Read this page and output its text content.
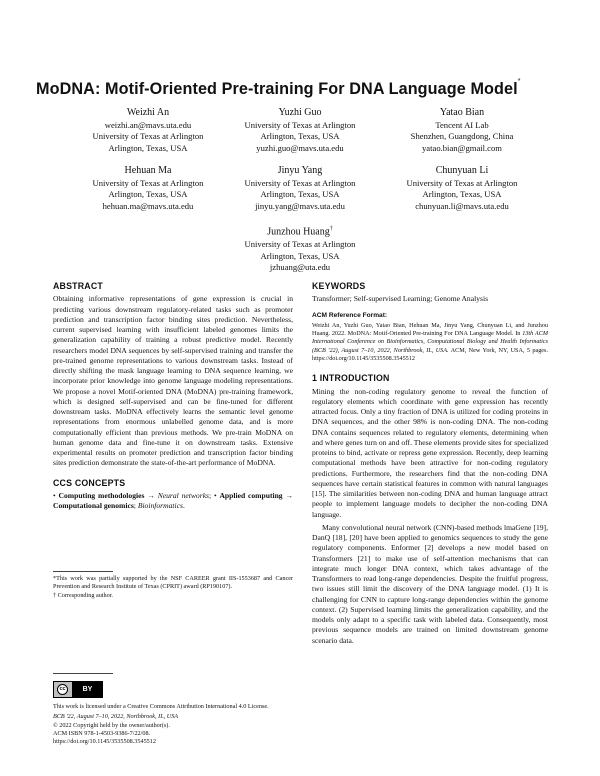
MoDNA: Motif-Oriented Pre-training For DNA Language Model*
Weizhi An
weizhi.an@mavs.uta.edu
University of Texas at Arlington
Arlington, Texas, USA
Yuzhi Guo
University of Texas at Arlington
Arlington, Texas, USA
yuzhi.guo@mavs.uta.edu
Yatao Bian
Tencent AI Lab
Shenzhen, Guangdong, China
yatao.bian@gmail.com
Hehuan Ma
University of Texas at Arlington
Arlington, Texas, USA
hehuan.ma@mavs.uta.edu
Jinyu Yang
University of Texas at Arlington
Arlington, Texas, USA
jinyu.yang@mavs.uta.edu
Chunyuan Li
University of Texas at Arlington
Arlington, Texas, USA
chunyuan.li@mavs.uta.edu
Junzhou Huang†
University of Texas at Arlington
Arlington, Texas, USA
jzhuang@uta.edu
ABSTRACT

Obtaining informative representations of gene expression is crucial in predicting various downstream regulatory-related tasks such as promoter prediction and transcription factor binding sites prediction. Nevertheless, current supervised learning with insufficient labeled genomes limits the generalization capability of training a robust predictive model. Recently researchers model DNA sequences by self-supervised training and transfer the pre-trained genome representations to various downstream tasks. Instead of directly shifting the mask language learning to DNA sequence learning, we incorporate prior knowledge into genome language modeling representations. We propose a novel Motif-oriented DNA (MoDNA) pre-training framework, which is designed self-supervised and can be fine-tuned for different downstream tasks. MoDNA effectively learns the semantic level genome representations from enormous unlabelled genome data, and is more computationally efficient than previous methods. We pre-train MoDNA on human genome data and fine-tune it on downstream tasks. Extensive experimental results on promoter prediction and transcription factor binding sites prediction demonstrate the state-of-the-art performance of MoDNA.

CCS CONCEPTS

• Computing methodologies → Neural networks; • Applied computing → Computational genomics; Bioinformatics.

*This work was partially supported by the NSF CAREER grant IIS-1553687 and Cancer Prevention and Research Institute of Texas (CPRIT) award (RP190107).

† Corresponding author.

cc	BY

This work is licensed under a Creative Commons Attribution International 4.0 License.

BCB '22, August 7–10, 2022, Northbrook, IL, USA

© 2022 Copyright held by the owner/author(s).

ACM ISBN 978-1-4503-9386-7/22/08.

https://doi.org/10.1145/3535508.3545512

KEYWORDS

Transformer; Self-supervised Learning; Genome Analysis

ACM Reference Format:

Weizhi An, Yuzhi Guo, Yatao Bian, Hehuan Ma, Jinyu Yang, Chunyuan Li, and Junzhou Huang. 2022. MoDNA: Motif-Oriented Pre-training For DNA Language Model. In 13th ACM International Conference on Bioinformatics, Computational Biology and Health Informatics (BCB '22), August 7–10, 2022, Northbrook, IL, USA. ACM, New York, NY, USA, 5 pages. https://doi.org/10.1145/3535508.3545512

1 INTRODUCTION

Mining the non-coding regulatory genome to reveal the function of regulatory elements which coordinate with gene expression has recently attracted focus. Only a tiny fraction of DNA is utilized for coding proteins in DNA sequences, and the other 98% is non-coding DNA. The non-coding DNA contains sequences related to regulatory elements, determining when and where genes turn on and off. These elements provide sites for specialized proteins to bind, activate or repress gene expression. Recently, deep learning computational methods have been attractive for non-coding regulatory predictions. Furthermore, the researchers find that the non-coding DNA sequences have certain statistical features in common with natural languages [15]. The similarities between non-coding DNA and human language attract people to implement language models to decipher the non-coding DNA language.

Many convolutional neural network (CNN)-based methods lmaGene [19], DanQ [18], [20] have been applied to genomics sequences to study the gene regulatory components. Enformer [2] develops a new model based on Transformers [21] to make use of self-attention mechanisms that can integrate much longer DNA context, which takes advantage of the Transformers to read long-range dependencies. Despite the fruitful progress, two issues still limit the discovery of the DNA language model. (1) It is challenging for CNN to capture long-range dependencies within the genome context. (2) Supervised learning limits the generalization capability, and the models only adapt to a specific task with labeled data. Consequently, most previous sequence models are trained on limited downstream genome scenario data.
